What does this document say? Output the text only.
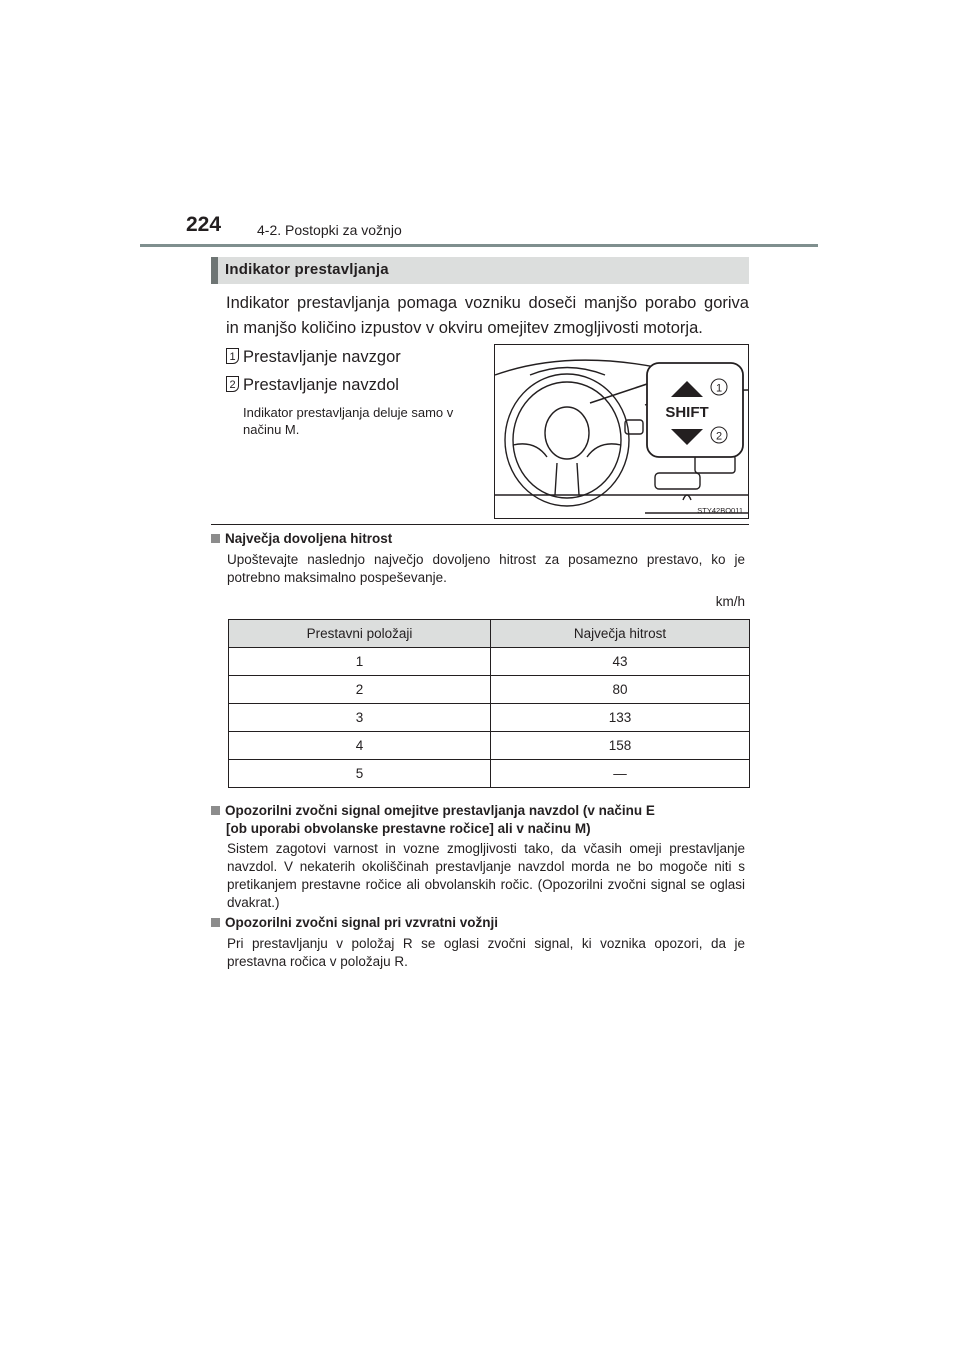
224	4-2. Postopki za vožnjo
Indikator prestavljanja
Indikator prestavljanja pomaga vozniku doseči manjšo porabo goriva
in manjšo količino izpustov v okviru omejitev zmogljivosti motorja.
1 Prestavljanje navzgor
2 Prestavljanje navzdol
Indikator prestavljanja deluje samo v načinu M.
SHIFT
1
2
STY42BO011
Največja dovoljena hitrost
Upoštevajte naslednjo največjo dovoljeno hitrost za posamezno prestavo, ko je potrebno maksimalno pospeševanje.
km/h
Prestavni položaji	Največja hitrost
1	43
2	80
3	133
4	158
5	—
Opozorilni zvočni signal omejitve prestavljanja navzdol (v načinu E
[ob uporabi obvolanske prestavne ročice] ali v načinu M)
Sistem zagotovi varnost in vozne zmogljivosti tako, da včasih omeji prestavljanje navzdol. V nekaterih okoliščinah prestavljanje navzdol morda ne bo mogoče niti s pretikanjem prestavne ročice ali obvolanskih ročic. (Opozorilni zvočni signal se oglasi dvakrat.)
Opozorilni zvočni signal pri vzvratni vožnji
Pri prestavljanju v položaj R se oglasi zvočni signal, ki voznika opozori, da je prestavna ročica v položaju R.
